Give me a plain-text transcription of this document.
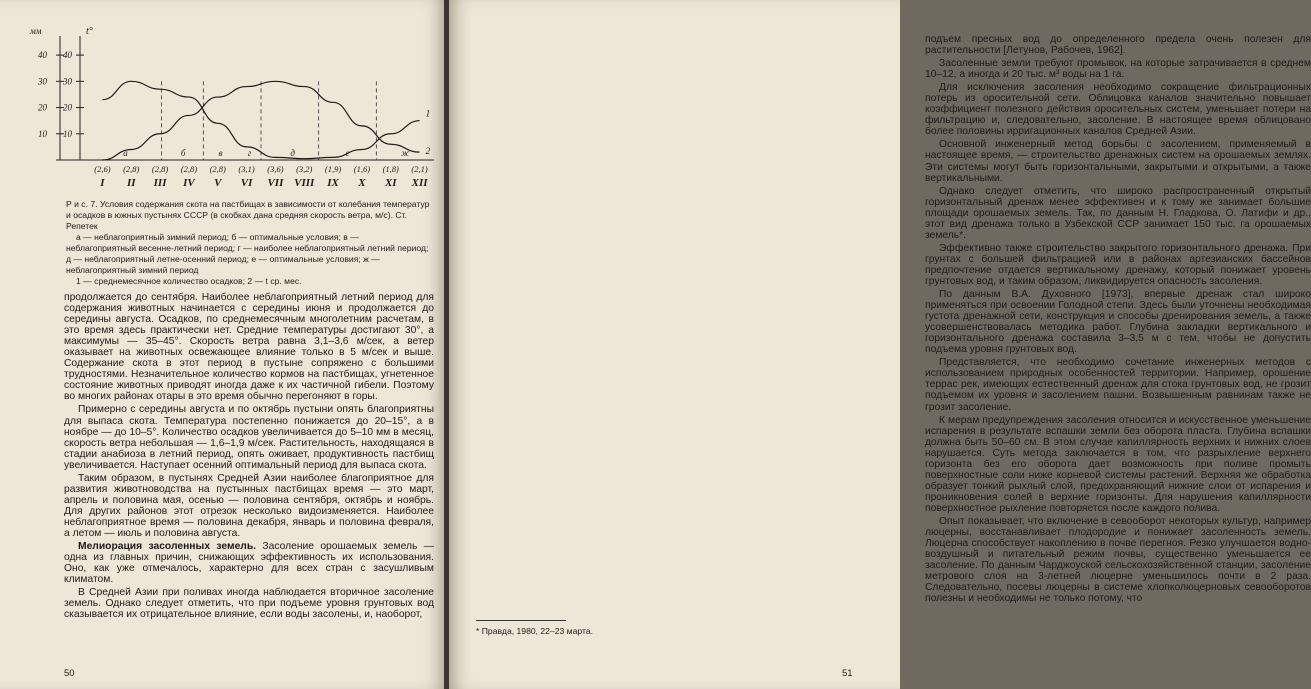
мм	t°
40
30
20
10
40
30
20
10
а	б	в	г	д	е	ж
1
2
I II III IV V VI VII VIII IX X XI XII
(2,6) (2,8) (2,8) (2,8) (2,8) (3,1) (3,6) (3,2) (1,9) (1,6) (1,8) (2,1)

Р и с. 7. Условия содержания скота на пастбищах в зависимости от колебания температур и осадков в южных пустынях СССР (в скобках дана средняя скорость ветра, м/с). Ст. Репетек

а — неблагоприятный зимний период; б — оптимальные условия; в — неблагоприятный весенне-летний период; г — наиболее неблагоприятный летний период; д — неблагоприятный летне-осенний период; е — оптимальные условия; ж — неблагоприятный зимний период

1 — среднемесячное количество осадков; 2 — t ср. мес.

продолжается до сентября. Наиболее неблагоприятный летний период для содержания животных начинается с середины июня и продолжается до середины августа. Осадков, по среднемесячным многолетним расчетам, в это время здесь практически нет. Средние температуры достигают 30°, а максимумы — 35–45°. Скорость ветра равна 3,1–3,6 м/сек, а ветер оказывает на животных освежающее влияние только в 5 м/сек и выше. Содержание скота в этот период в пустыне сопряжено с большими трудностями. Незначительное количество кормов на пастбищах, угнетенное состояние животных приводят иногда даже к их частичной гибели. Поэтому во многих районах отары в это время обычно перегоняют в горы.

Примерно с середины августа и по октябрь пустыни опять благоприятны для выпаса скота. Температура постепенно понижается до 20–15°, а в ноябре — до 10–5°. Количество осадков увеличивается до 5–10 мм в месяц, скорость ветра небольшая — 1,6–1,9 м/сек. Растительность, находящаяся в стадии анабиоза в летний период, опять оживает, продуктивность пастбищ увеличивается. Наступает осенний оптимальный период для выпаса скота.

Таким образом, в пустынях Средней Азии наиболее благоприятное для развития животноводства на пустынных пастбищах время — это март, апрель и половина мая, осенью — половина сентября, октябрь и ноябрь. Для других районов этот отрезок несколько видоизменяется. Наиболее неблагоприятное время — половина декабря, январь и половина февраля, а летом — июль и половина августа.

Мелиорация засоленных земель. Засоление орошаемых земель — одна из главных причин, снижающих эффективность их использования. Оно, как уже отмечалось, характерно для всех стран с засушливым климатом.

В Средней Азии при поливах иногда наблюдается вторичное засоление земель. Однако следует отметить, что при подъеме уровня грунтовых вод сказывается их отрицательное влияние, если воды засолены, и, наоборот,

50

подъем пресных вод до определенного предела очень полезен для растительности [Летунов, Рабочев, 1962].

Засоленные земли требуют промывок, на которые затрачивается в среднем 10–12, а иногда и 20 тыс. м³ воды на 1 га.

Для исключения засоления необходимо сокращение фильтрационных потерь из оросительной сети. Облицовка каналов значительно повышает коэффициент полезного действия оросительных систем, уменьшает потери на фильтрацию и, следовательно, засоление. В настоящее время облицовано более половины ирригационных каналов Средней Азии.

Основной инженерный метод борьбы с засолением, применяемый в настоящее время, — строительство дренажных систем на орошаемых землях. Эти системы могут быть горизонтальными, закрытыми и открытыми, а также вертикальными.

Однако следует отметить, что широко распространенный открытый горизонтальный дренаж менее эффективен и к тому же занимает большие площади орошаемых земель. Так, по данным Н. Гладкова, О. Латифи и др., этот вид дренажа только в Узбекской ССР занимает 150 тыс. га орошаемых земель*.

Эффективно также строительство закрытого горизонтального дренажа. При грунтах с большей фильтрацией или в районах артезианских бассейнов предпочтение отдается вертикальному дренажу, который понижает уровень грунтовых вод, и таким образом, ликвидируется опасность засоления.

По данным В.А. Духовного [1973], впервые дренаж стал широко применяться при освоении Голодной степи. Здесь были уточнены необходимая густота дренажной сети, конструкция и способы дренирования земель, а также усовершенствовалась методика работ. Глубина закладки вертикального и горизонтального дренажа составила 3–3,5 м с тем, чтобы не допустить подъема уровня грунтовых вод.

Представляется, что необходимо сочетание инженерных методов с использованием природных особенностей территории. Например, орошение террас рек, имеющих естественный дренаж для стока грунтовых вод, не грозит подъемом их уровня и засолением пашни. Возвышенным равнинам также не грозит засоление.

К мерам предупреждения засоления относится и искусственное уменьшение испарения в результате вспашки земли без оборота пласта. Глубина вспашки должна быть 50–60 см. В этом случае капиллярность верхних и нижних слоев нарушается. Суть метода заключается в том, что разрыхление верхнего горизонта без его оборота дает возможность при поливе промыть поверхностные соли ниже корневой системы растений. Верхняя же обработка образует тонкий рыхлый слой, предохраняющий нижние слои от испарения и проникновения солей в верхние горизонты. Для нарушения капиллярности поверхностное рыхление повторяется после каждого полива.

Опыт показывает, что включение в севооборот некоторых культур, например люцерны, восстанавливает плодородие и понижает засоленность земель. Люцерна способствует накоплению в почве перегноя. Резко улучшается водно-воздушный и питательный режим почвы, существенно уменьшается ее засоление. По данным Чарджоуской сельскохозяйственной станции, засоление метрового слоя на 3-летней люцерне уменьшилось почти в 2 раза. Следовательно, посевы люцерны в системе хлопколюцерновых севооборотов полезны и необходимы не только потому, что

* Правда, 1980, 22–23 марта.
51
